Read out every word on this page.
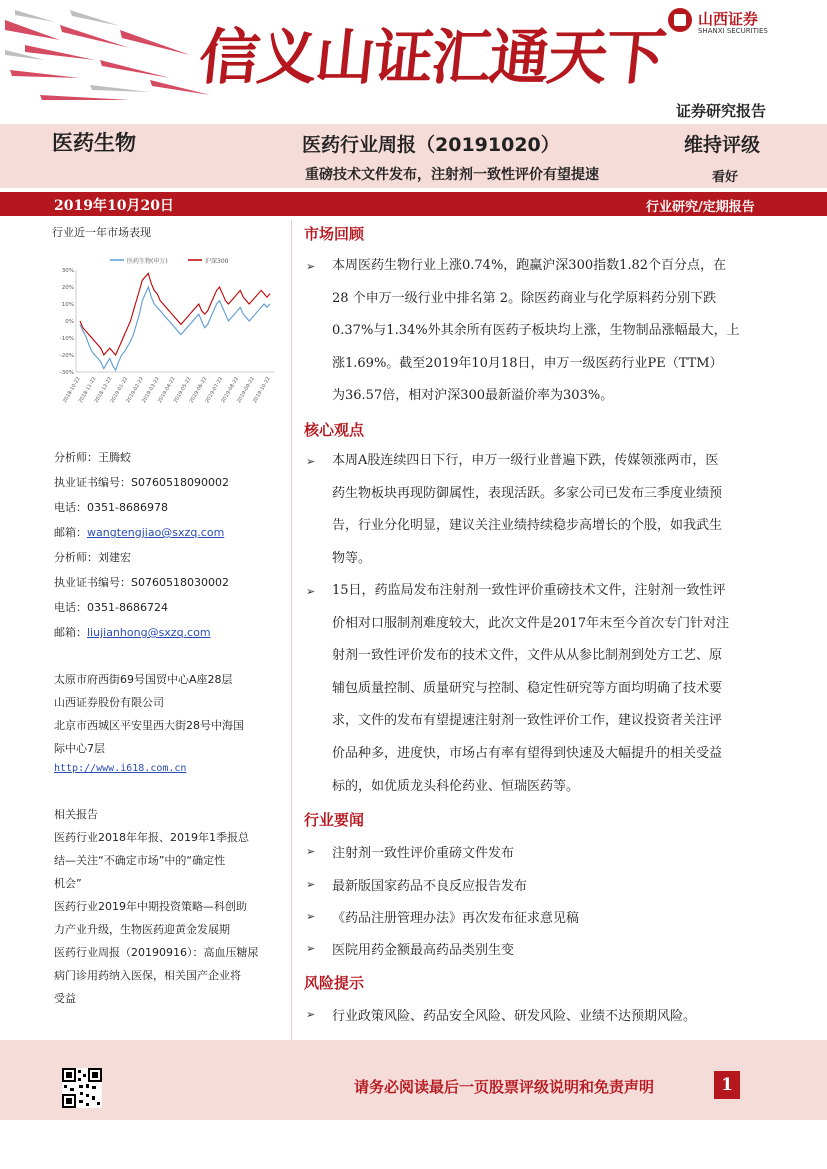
信义山证汇通天下
山西证券
SHANXI SECURITIES
证券研究报告
医药生物	医药行业周报（20191020）	维持评级
重磅技术文件发布，注射剂一致性评价有望提速	看好
2019年10月20日	行业研究/定期报告
行业近一年市场表现
医药生物(申万)	沪深300
30%
20%
10%
0%
-10%
-20%
-30%
2018-10-22
2018-11-22
2018-12-22
2019-01-22
2019-02-22
2019-03-22
2019-04-22
2019-05-22
2019-06-22
2019-07-22
2019-08-22
2019-09-22
2019-10-22
分析师：王腾蛟
执业证书编号：S0760518090002
电话：0351-8686978
邮箱：wangtengjiao@sxzq.com
分析师：刘建宏
执业证书编号：S0760518030002
电话：0351-8686724
邮箱：liujianhong@sxzq.com
太原市府西街69号国贸中心A座28层
山西证券股份有限公司
北京市西城区平安里西大街28号中海国
际中心7层
http://www.i618.com.cn
相关报告
医药行业2018年年报、2019年1季报总
结—关注“不确定市场”中的“确定性
机会”
医药行业2019年中期投资策略—科创助
力产业升级，生物医药迎黄金发展期
医药行业周报（20190916）：高血压糖尿
病门诊用药纳入医保，相关国产企业将
受益
市场回顾
➢ 本周医药生物行业上涨0.74%，跑赢沪深300指数1.82个百分点，在
28 个申万一级行业中排名第 2。除医药商业与化学原料药分别下跌
0.37%与1.34%外其余所有医药子板块均上涨，生物制品涨幅最大，上
涨1.69%。截至2019年10月18日，申万一级医药行业PE（TTM）
为36.57倍，相对沪深300最新溢价率为303%。
核心观点
➢ 本周A股连续四日下行，申万一级行业普遍下跌，传媒领涨两市，医
药生物板块再现防御属性，表现活跃。多家公司已发布三季度业绩预
告，行业分化明显，建议关注业绩持续稳步高增长的个股，如我武生
物等。
➢ 15日，药监局发布注射剂一致性评价重磅技术文件，注射剂一致性评
价相对口服制剂难度较大，此次文件是2017年末至今首次专门针对注
射剂一致性评价发布的技术文件，文件从从参比制剂到处方工艺、原
辅包质量控制、质量研究与控制、稳定性研究等方面均明确了技术要
求，文件的发布有望提速注射剂一致性评价工作，建议投资者关注评
价品种多，进度快，市场占有率有望得到快速及大幅提升的相关受益
标的，如优质龙头科伦药业、恒瑞医药等。
行业要闻
➢ 注射剂一致性评价重磅文件发布
➢ 最新版国家药品不良反应报告发布
➢ 《药品注册管理办法》再次发布征求意见稿
➢ 医院用药金额最高药品类别生变
风险提示
➢ 行业政策风险、药品安全风险、研发风险、业绩不达预期风险。
请务必阅读最后一页股票评级说明和免责声明	1
